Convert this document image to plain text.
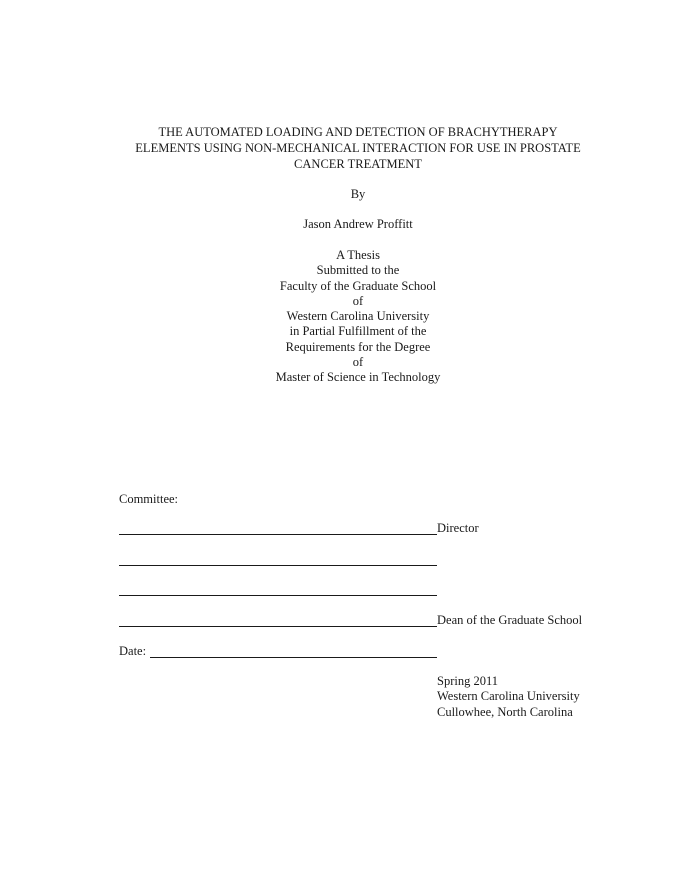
THE AUTOMATED LOADING AND DETECTION OF BRACHYTHERAPY
ELEMENTS USING NON-MECHANICAL INTERACTION FOR USE IN PROSTATE
CANCER TREATMENT
By
Jason Andrew Proffitt
A Thesis
Submitted to the
Faculty of the Graduate School
of
Western Carolina University
in Partial Fulfillment of the
Requirements for the Degree
of
Master of Science in Technology
Committee:
Director
Dean of the Graduate School
Date:
Spring 2011
Western Carolina University
Cullowhee, North Carolina
